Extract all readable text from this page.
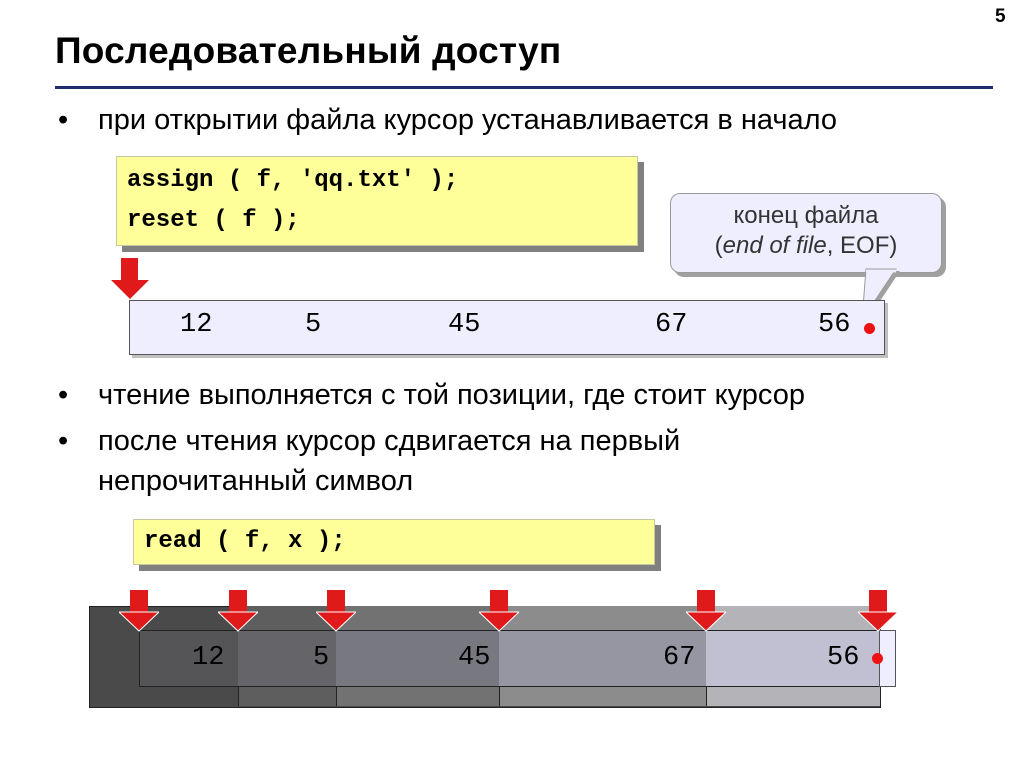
5
Последовательный доступ
• при открытии файла курсор устанавливается в начало
assign ( f, 'qq.txt' );
reset ( f );	конец файла
(end of file, EOF)
12	5	45	67	56
• чтение выполняется с той позиции, где стоит курсор
• после чтения курсор сдвигается на первый
непрочитанный символ
read ( f, x );
12	5	45	67	56
